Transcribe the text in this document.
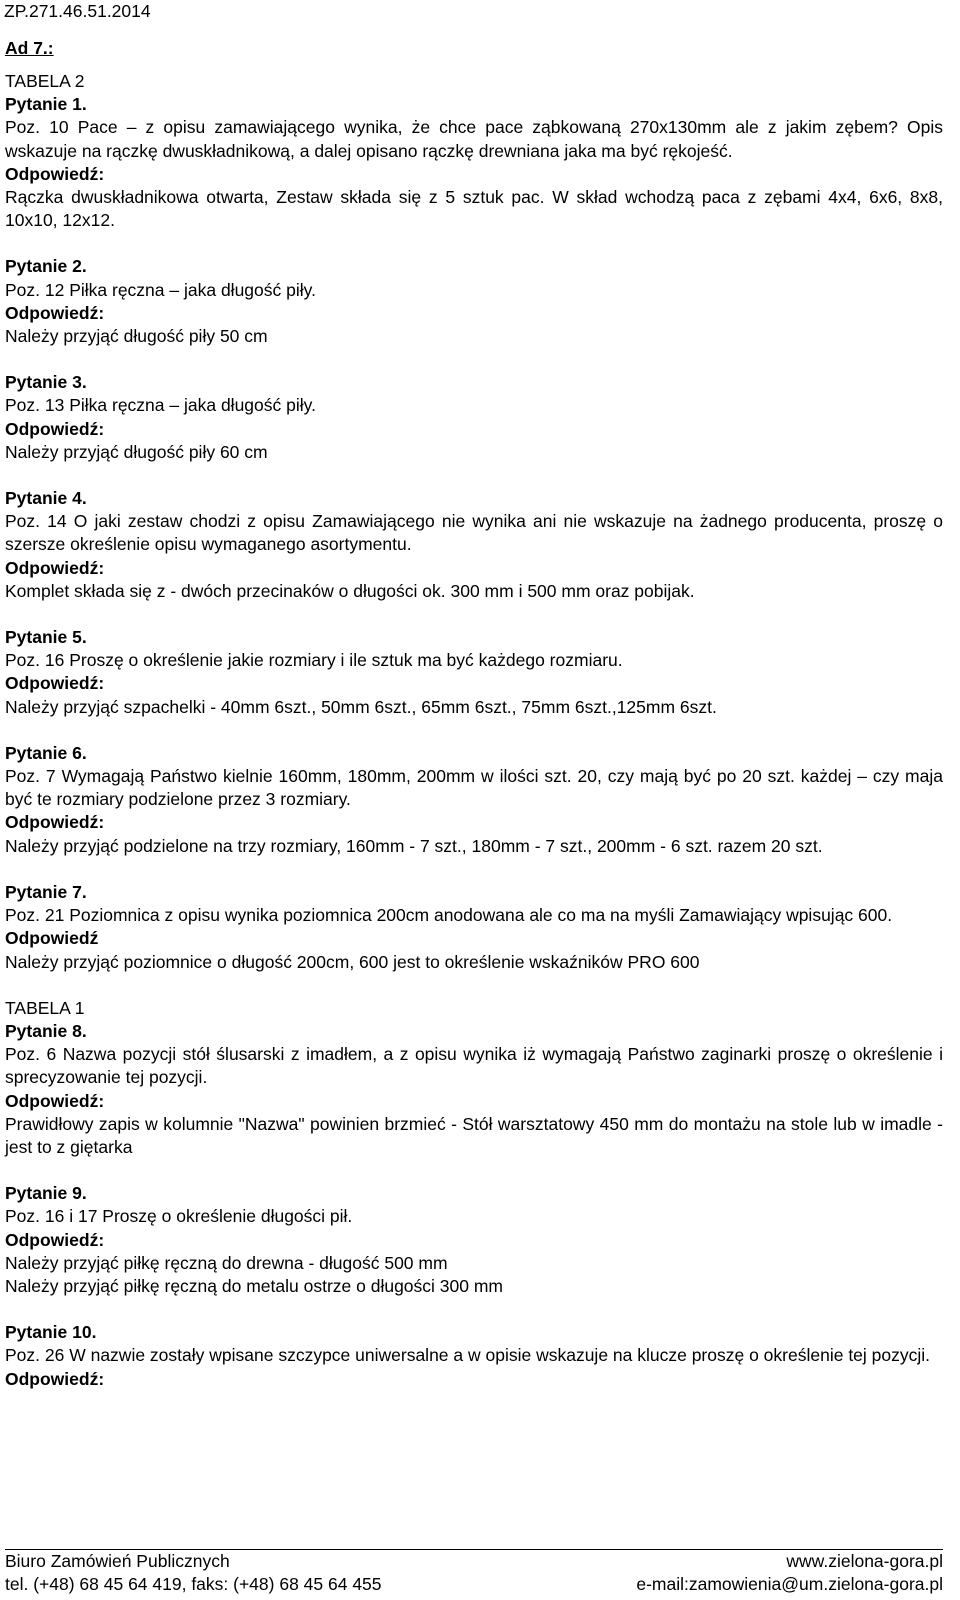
ZP.271.46.51.2014
Ad 7.:

TABELA 2

Pytanie 1.

Poz. 10 Pace – z opisu zamawiającego wynika, że chce pace ząbkowaną 270x130mm ale z jakim zębem? Opis wskazuje na rączkę dwuskładnikową, a dalej opisano rączkę drewniana jaka ma być rękojeść.

Odpowiedź:

Rączka dwuskładnikowa otwarta, Zestaw składa się z 5 sztuk pac. W skład wchodzą paca z zębami 4x4, 6x6, 8x8, 10x10, 12x12.

Pytanie 2.

Poz. 12 Piłka ręczna – jaka długość piły.

Odpowiedź:

Należy przyjąć długość piły 50 cm

Pytanie 3.

Poz. 13 Piłka ręczna – jaka długość piły.

Odpowiedź:

Należy przyjąć długość piły 60 cm

Pytanie 4.

Poz. 14 O jaki zestaw chodzi z opisu Zamawiającego nie wynika ani nie wskazuje na żadnego producenta, proszę o szersze określenie opisu wymaganego asortymentu.

Odpowiedź:

Komplet składa się z - dwóch przecinaków o długości ok. 300 mm i 500 mm oraz pobijak.

Pytanie 5.

Poz. 16 Proszę o określenie jakie rozmiary i ile sztuk ma być każdego rozmiaru.

Odpowiedź:

Należy przyjąć szpachelki - 40mm 6szt., 50mm 6szt., 65mm 6szt., 75mm 6szt.,125mm 6szt.

Pytanie 6.

Poz. 7 Wymagają Państwo kielnie 160mm, 180mm, 200mm w ilości szt. 20, czy mają być po 20 szt. każdej – czy maja być te rozmiary podzielone przez 3 rozmiary.

Odpowiedź:

Należy przyjąć podzielone na trzy rozmiary, 160mm - 7 szt., 180mm - 7 szt., 200mm - 6 szt. razem 20 szt.

Pytanie 7.

Poz. 21 Poziomnica z opisu wynika poziomnica 200cm anodowana ale co ma na myśli Zamawiający wpisując 600.

Odpowiedź

Należy przyjąć poziomnice o długość 200cm, 600 jest to określenie wskaźników PRO 600

TABELA 1

Pytanie 8.

Poz. 6 Nazwa pozycji stół ślusarski z imadłem, a z opisu wynika iż wymagają Państwo zaginarki proszę o określenie i sprecyzowanie tej pozycji.

Odpowiedź:

Prawidłowy zapis w kolumnie "Nazwa" powinien brzmieć - Stół warsztatowy 450 mm do montażu na stole lub w imadle - jest to z giętarka

Pytanie 9.

Poz. 16 i 17 Proszę o określenie długości pił.

Odpowiedź:

Należy przyjąć piłkę ręczną do drewna - długość 500 mm

Należy przyjąć piłkę ręczną do metalu ostrze o długości 300 mm

Pytanie 10.

Poz. 26 W nazwie zostały wpisane szczypce uniwersalne a w opisie wskazuje na klucze proszę o określenie tej pozycji.

Odpowiedź:

Biuro Zamówień Publicznych	www.zielona-gora.pl
tel. (+48) 68 45 64 419, faks: (+48) 68 45 64 455	e-mail:zamowienia@um.zielona-gora.pl
